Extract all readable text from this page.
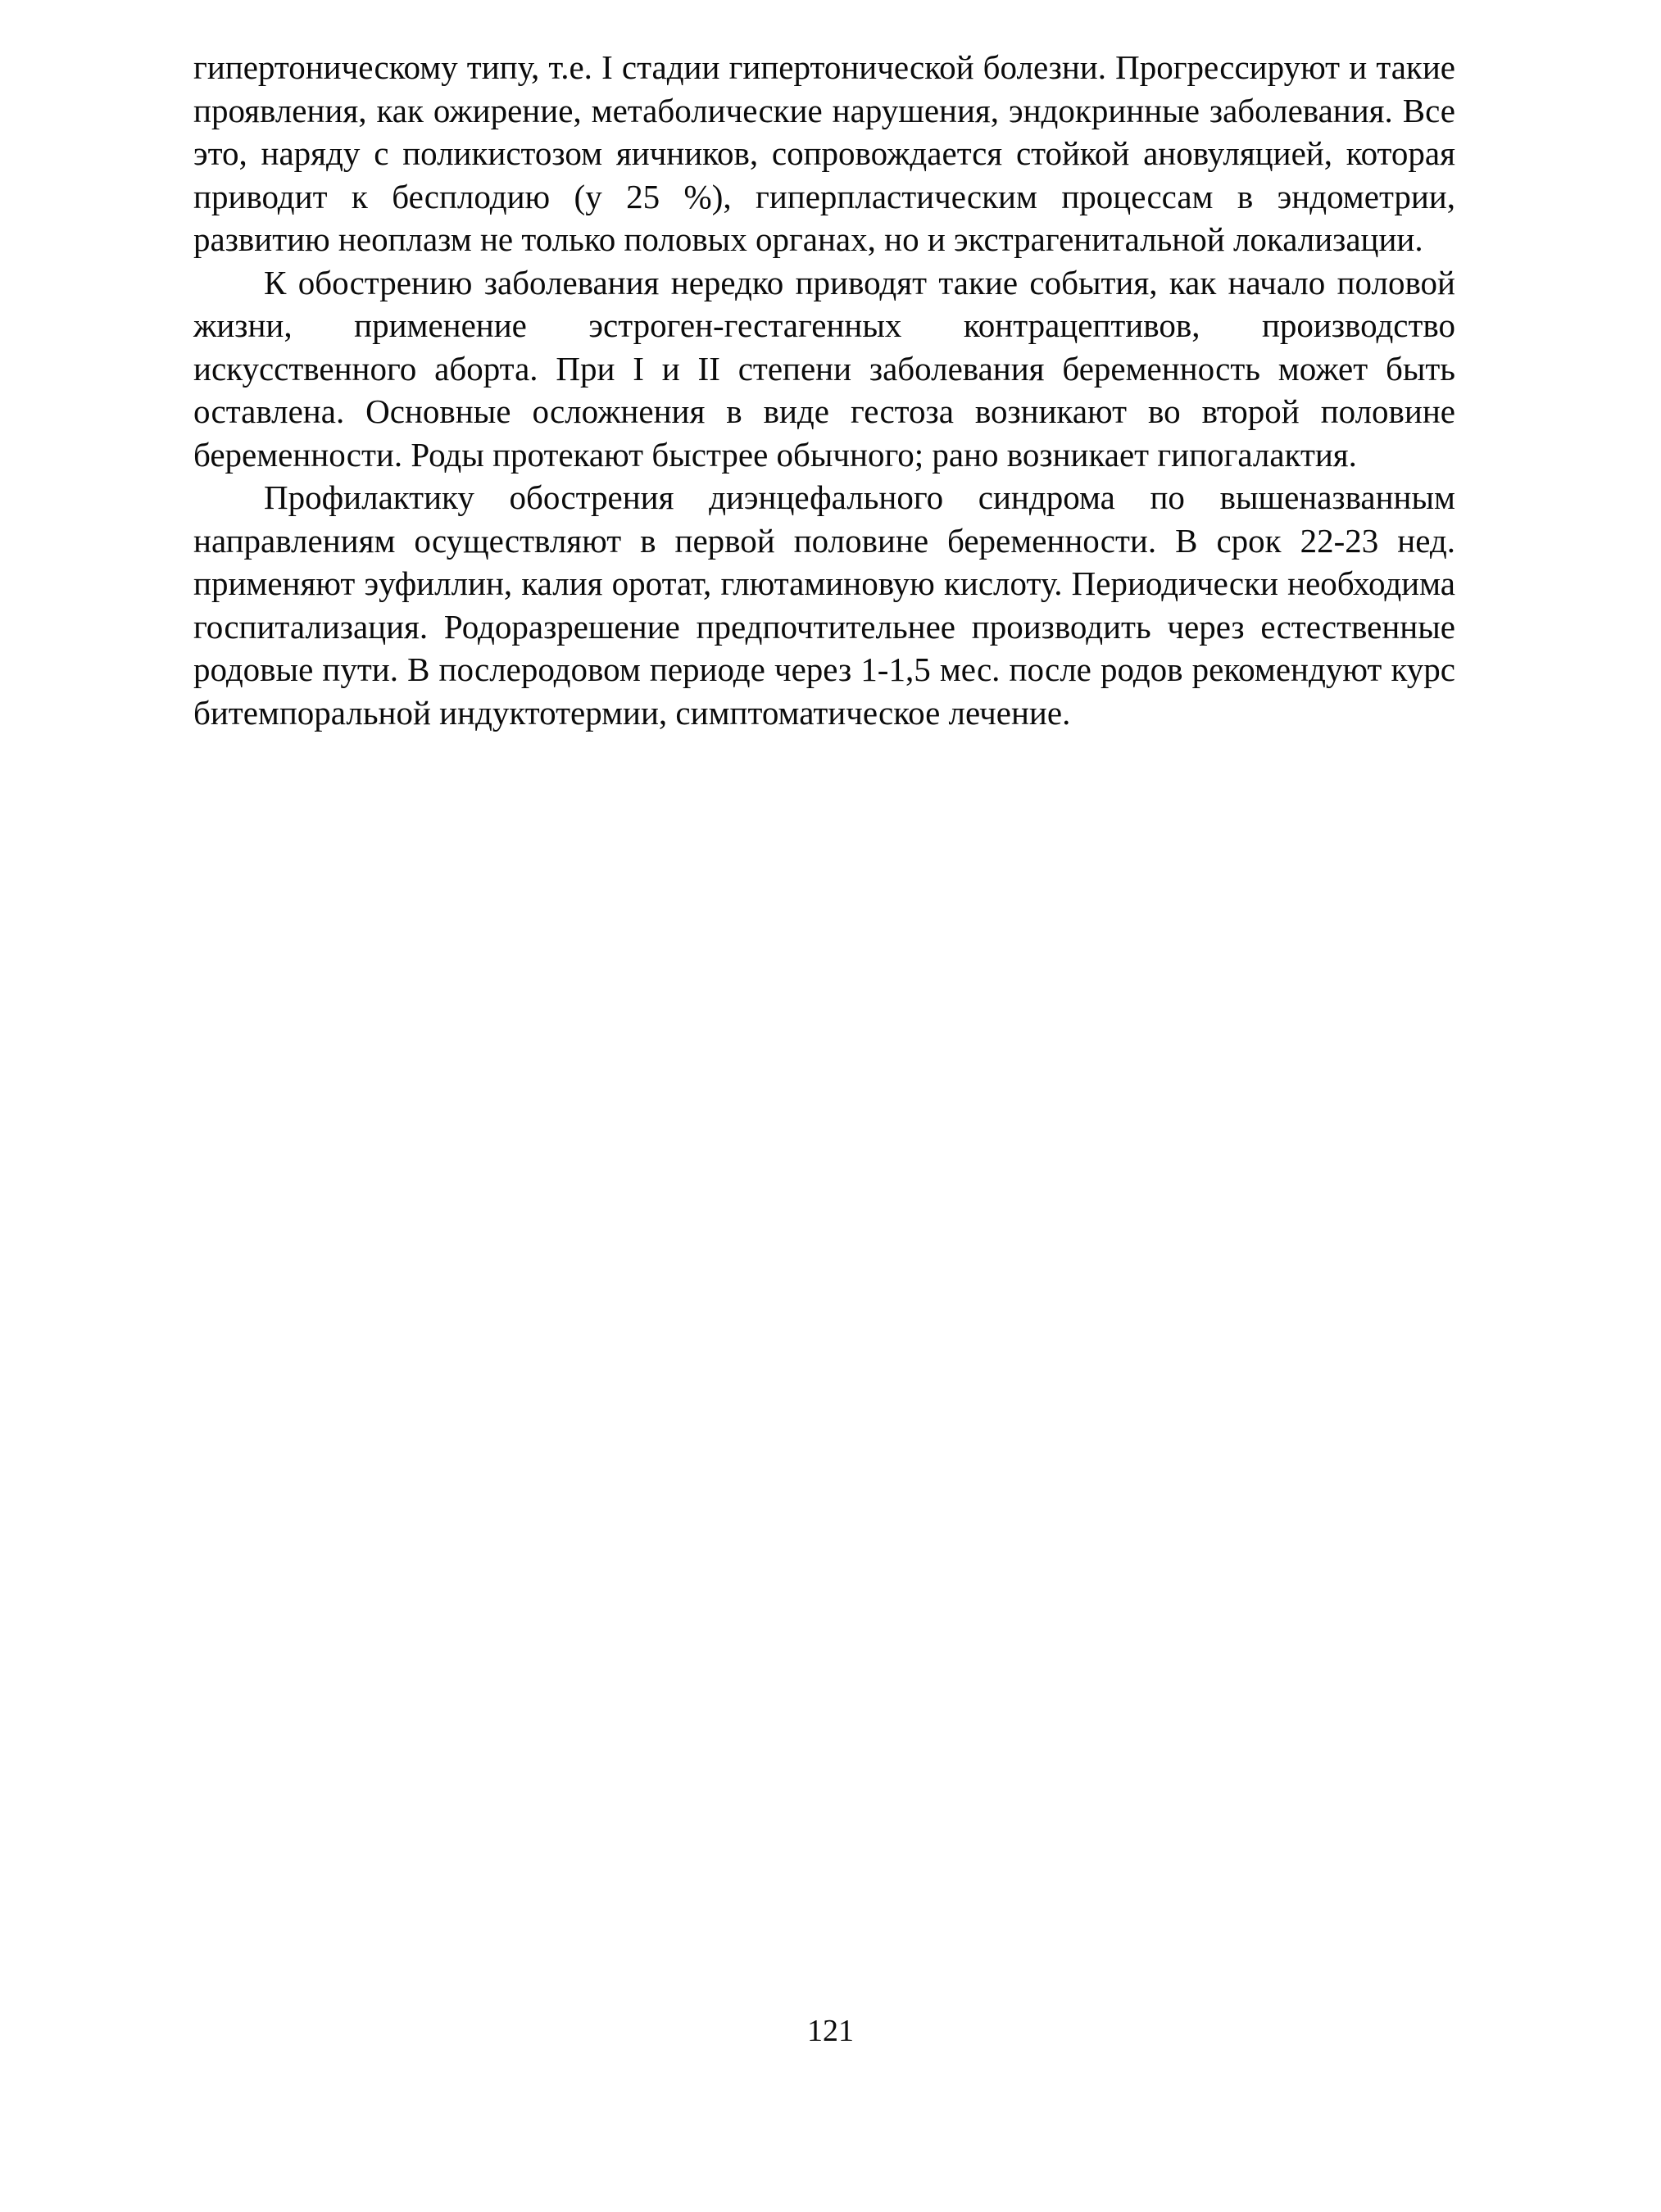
гипертоническому типу, т.е. I стадии гипертонической болезни. Прогрессируют и такие проявления, как ожирение, метаболические нарушения, эндокринные заболевания. Все это, наряду с поликистозом яичников, сопровождается стойкой ановуляцией, которая приводит к бесплодию (у 25 %), гиперпластическим процессам в эндометрии, развитию неоплазм не только половых органах, но и экстрагенитальной локализации.

К обострению заболевания нередко приводят такие события, как начало половой жизни, применение эстроген-гестагенных контрацептивов, производство искусственного аборта. При I и II степени заболевания беременность может быть оставлена. Основные осложнения в виде гестоза возникают во второй половине беременности. Роды протекают быстрее обычного; рано возникает гипогалактия.

Профилактику обострения диэнцефального синдрома по вышеназванным направлениям осуществляют в первой половине беременности. В срок 22-23 нед. применяют эуфиллин, калия оротат, глютаминовую кислоту. Периодически необходима госпитализация. Родоразрешение предпочтительнее производить через естественные родовые пути. В послеродовом периоде через 1-1,5 мес. после родов рекомендуют курс битемпоральной индуктотермии, симптоматическое лечение.

121
